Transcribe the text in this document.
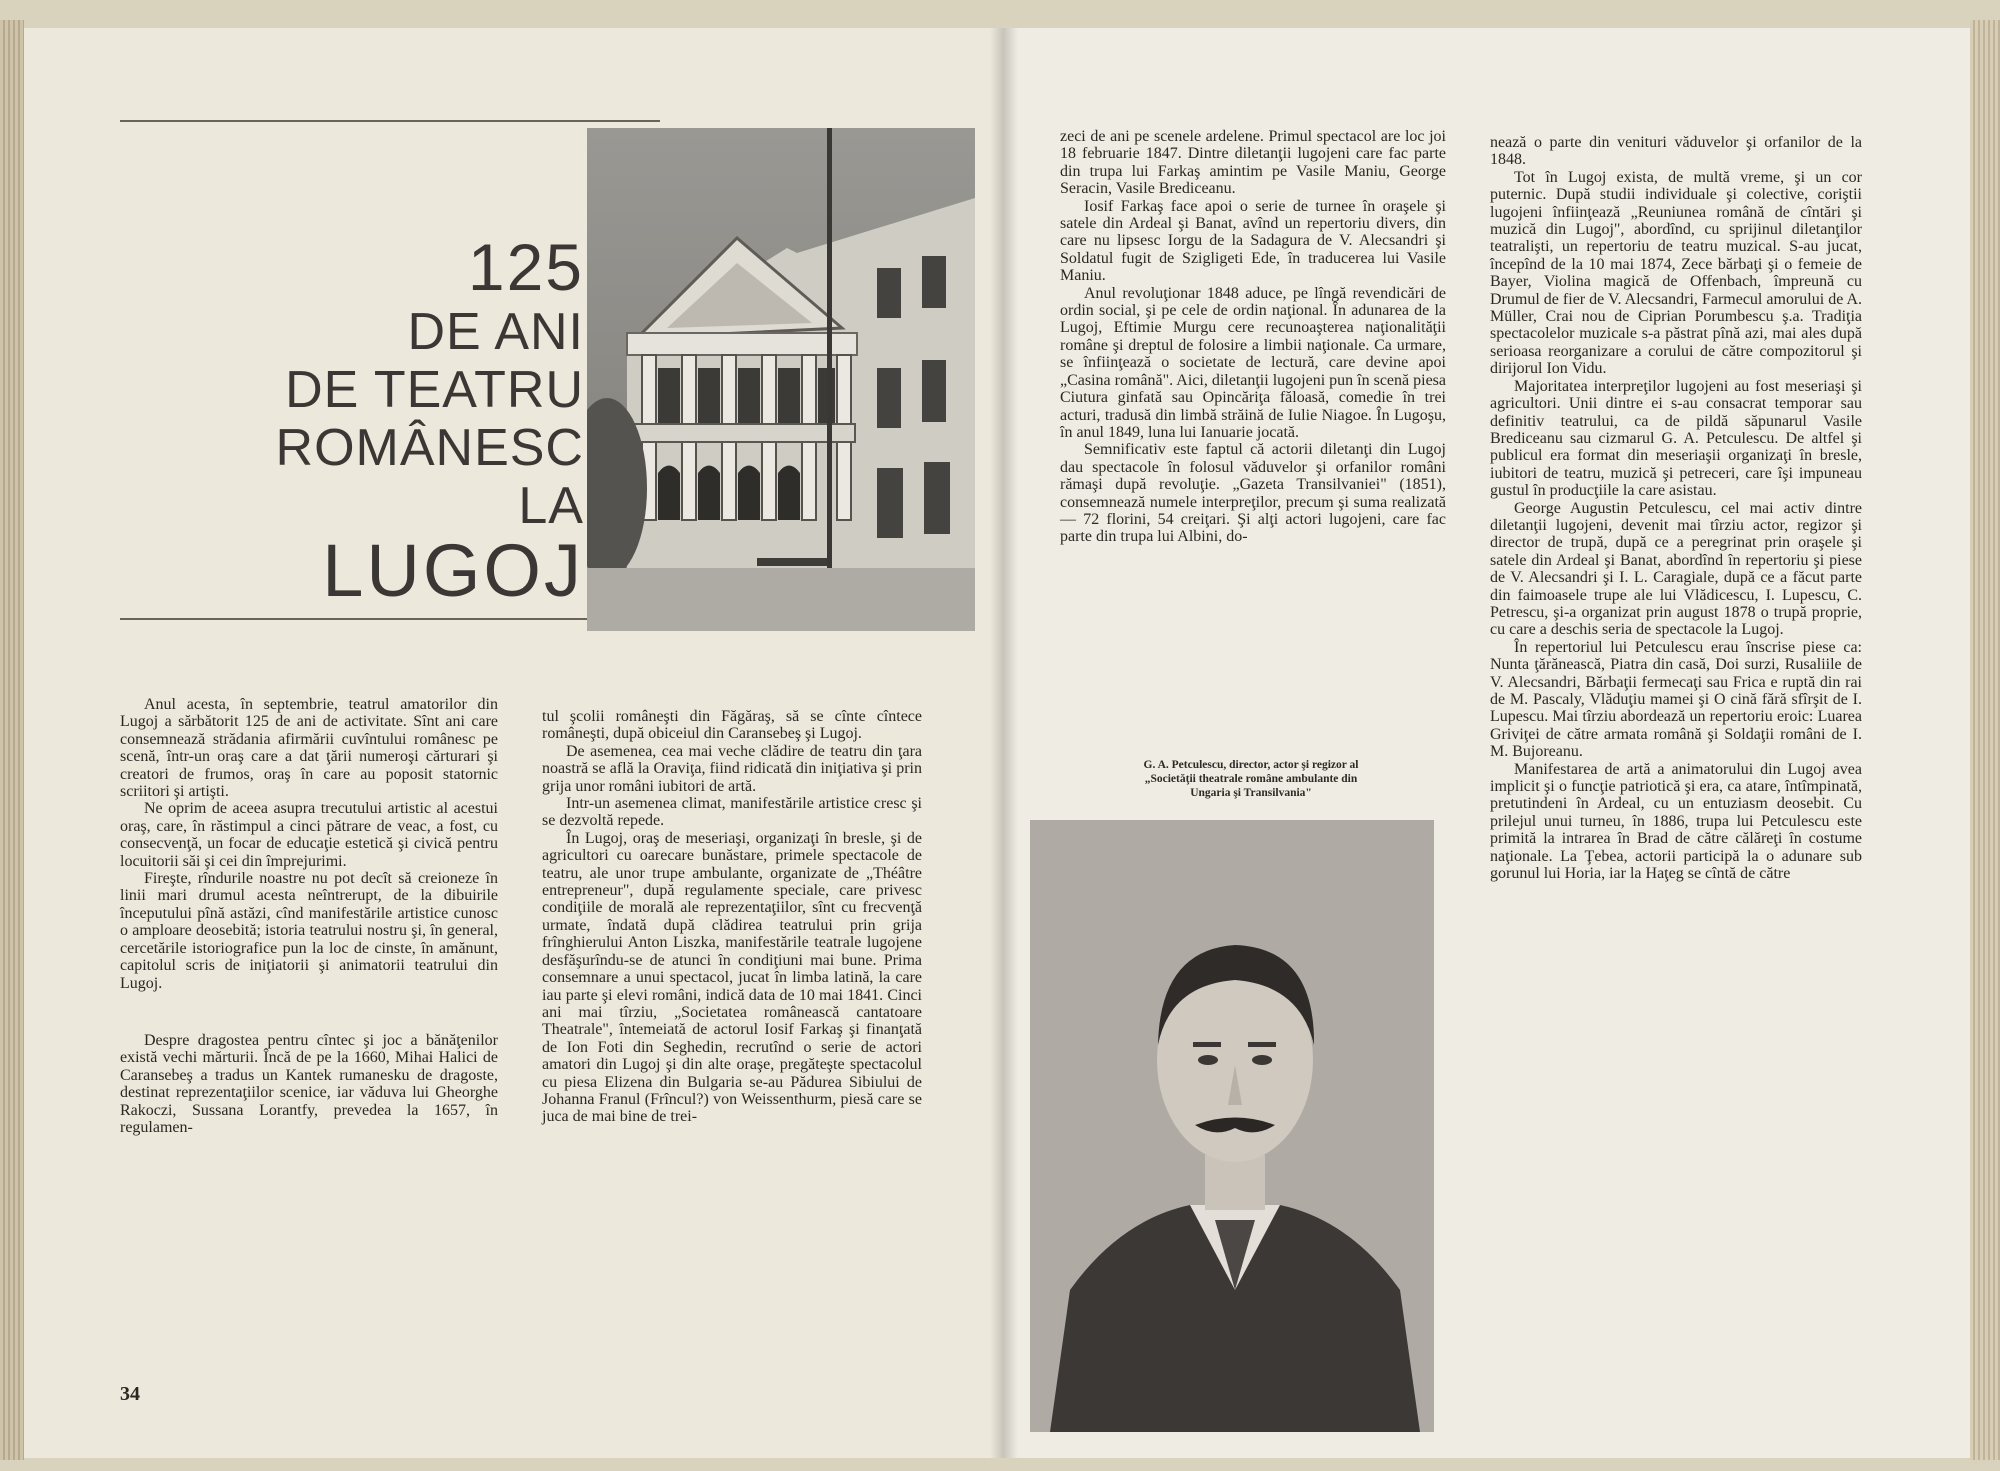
125
DE ANI
DE TEATRU
ROMÂNESC
LA
LUGOJ

Anul acesta, în septembrie, teatrul amatorilor din Lugoj a sărbătorit 125 de ani de activitate. Sînt ani care consemnează strădania afirmării cuvîntului românesc pe scenă, într-un oraş care a dat ţării numeroşi cărturari şi creatori de frumos, oraş în care au poposit statornic scriitori şi artişti.

Ne oprim de aceea asupra trecutului artistic al acestui oraş, care, în răstimpul a cinci pătrare de veac, a fost, cu consecvenţă, un focar de educaţie estetică şi civică pentru locuitorii săi şi cei din împrejurimi.

Fireşte, rîndurile noastre nu pot decît să creioneze în linii mari drumul acesta neîntrerupt, de la dibuirile începutului pînă astăzi, cînd manifestările artistice cunosc o amploare deosebită; istoria teatrului nostru şi, în general, cercetările istoriografice pun la loc de cinste, în amănunt, capitolul scris de iniţiatorii şi animatorii teatrului din Lugoj.

Despre dragostea pentru cîntec şi joc a bănăţenilor există vechi mărturii. Încă de pe la 1660, Mihai Halici de Caransebeş a tradus un Kantek rumanesku de dragoste, destinat reprezentaţiilor scenice, iar văduva lui Gheorghe Rakoczi, Sussana Lorantfy, prevedea la 1657, în regulamen-

tul şcolii româneşti din Făgăraş, să se cînte cîntece româneşti, după obiceiul din Caransebeş şi Lugoj.

De asemenea, cea mai veche clădire de teatru din ţara noastră se află la Oraviţa, fiind ridicată din iniţiativa şi prin grija unor români iubitori de artă.

Intr-un asemenea climat, manifestările artistice cresc şi se dezvoltă repede.

În Lugoj, oraş de meseriaşi, organizaţi în bresle, şi de agricultori cu oarecare bunăstare, primele spectacole de teatru, ale unor trupe ambulante, organizate de „Théâtre entrepreneur", după regulamente speciale, care privesc condiţiile de morală ale reprezentaţiilor, sînt cu frecvenţă urmate, îndată după clădirea teatrului prin grija frînghierului Anton Liszka, manifestările teatrale lugojene desfăşurîndu-se de atunci în condiţiuni mai bune. Prima consemnare a unui spectacol, jucat în limba latină, la care iau parte şi elevi români, indică data de 10 mai 1841. Cinci ani mai tîrziu, „Societatea românească cantatoare Theatrale", întemeiată de actorul Iosif Farkaş şi finanţată de Ion Foti din Seghedin, recrutînd o serie de actori amatori din Lugoj şi din alte oraşe, pregăteşte spectacolul cu piesa Elizena din Bulgaria se-au Pădurea Sibiului de Johanna Franul (Frîncul?) von Weissenthurm, piesă care se juca de mai bine de trei-

34

zeci de ani pe scenele ardelene. Primul spectacol are loc joi 18 februarie 1847. Dintre diletanţii lugojeni care fac parte din trupa lui Farkaş amintim pe Vasile Maniu, George Seracin, Vasile Brediceanu.

Iosif Farkaş face apoi o serie de turnee în oraşele şi satele din Ardeal şi Banat, avînd un repertoriu divers, din care nu lipsesc Iorgu de la Sadagura de V. Alecsandri şi Soldatul fugit de Szigligeti Ede, în traducerea lui Vasile Maniu.

Anul revoluţionar 1848 aduce, pe lîngă revendicări de ordin social, şi pe cele de ordin naţional. În adunarea de la Lugoj, Eftimie Murgu cere recunoaşterea naţionalităţii române şi dreptul de folosire a limbii naţionale. Ca urmare, se înfiinţează o societate de lectură, care devine apoi „Casina română". Aici, diletanţii lugojeni pun în scenă piesa Ciutura ginfată sau Opincăriţa făloasă, comedie în trei acturi, tradusă din limbă străină de Iulie Niagoe. În Lugoşu, în anul 1849, luna lui Ianuarie jocată.

Semnificativ este faptul că actorii diletanţi din Lugoj dau spectacole în folosul văduvelor şi orfanilor români rămaşi după revoluţie. „Gazeta Transilvaniei" (1851), consemnează numele interpreţilor, precum şi suma realizată — 72 florini, 54 creiţari. Şi alţi actori lugojeni, care fac parte din trupa lui Albini, do-

nează o parte din venituri văduvelor şi orfanilor de la 1848.

Tot în Lugoj exista, de multă vreme, şi un cor puternic. După studii individuale şi colective, coriştii lugojeni înfiinţează „Reuniunea română de cîntări şi muzică din Lugoj", abordînd, cu sprijinul diletanţilor teatralişti, un repertoriu de teatru muzical. S-au jucat, începînd de la 10 mai 1874, Zece bărbaţi şi o femeie de Bayer, Violina magică de Offenbach, împreună cu Drumul de fier de V. Alecsandri, Farmecul amorului de A. Müller, Crai nou de Ciprian Porumbescu ş.a. Tradiţia spectacolelor muzicale s-a păstrat pînă azi, mai ales după serioasa reorganizare a corului de către compozitorul şi dirijorul Ion Vidu.

Majoritatea interpreţilor lugojeni au fost meseriaşi şi agricultori. Unii dintre ei s-au consacrat temporar sau definitiv teatrului, ca de pildă săpunarul Vasile Brediceanu sau cizmarul G. A. Petculescu. De altfel şi publicul era format din meseriaşii organizaţi în bresle, iubitori de teatru, muzică şi petreceri, care îşi impuneau gustul în producţiile la care asistau.

George Augustin Petculescu, cel mai activ dintre diletanţii lugojeni, devenit mai tîrziu actor, regizor şi director de trupă, după ce a peregrinat prin oraşele şi satele din Ardeal şi Banat, abordînd în repertoriu şi piese de V. Alecsandri şi I. L. Caragiale, după ce a făcut parte din faimoasele trupe ale lui Vlădicescu, I. Lupescu, C. Petrescu, şi-a organizat prin august 1878 o trupă proprie, cu care a deschis seria de spectacole la Lugoj.

În repertoriul lui Petculescu erau înscrise piese ca: Nunta ţărănească, Piatra din casă, Doi surzi, Rusaliile de V. Alecsandri, Bărbaţii fermecaţi sau Frica e ruptă din rai de M. Pascaly, Vlăduţiu mamei şi O cină fără sfîrşit de I. Lupescu. Mai tîrziu abordează un repertoriu eroic: Luarea Griviţei de către armata română şi Soldaţii români de I. M. Bujoreanu.

Manifestarea de artă a animatorului din Lugoj avea implicit şi o funcţie patriotică şi era, ca atare, întîmpinată, pretutindeni în Ardeal, cu un entuziasm deosebit. Cu prilejul unui turneu, în 1886, trupa lui Petculescu este primită la intrarea în Brad de către călăreţi în costume naţionale. La Ţebea, actorii participă la o adunare sub gorunul lui Horia, iar la Haţeg se cîntă de către

G. A. Petculescu, director, actor şi regizor al
„Societăţii theatrale române ambulante din
Ungaria şi Transilvania"
